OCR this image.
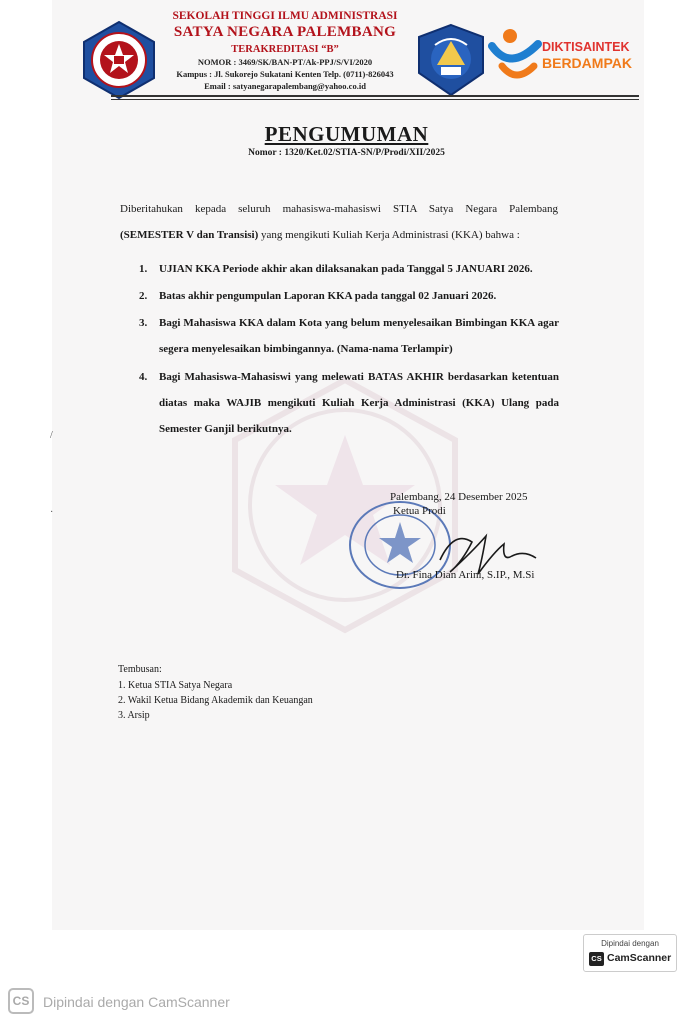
SEKOLAH TINGGI ILMU ADMINISTRASI
SATYA NEGARA PALEMBANG
TERAKREDITASI “B”
NOMOR : 3469/SK/BAN-PT/Ak-PPJ/S/VI/2020
Kampus : Jl. Sukorejo Sukatani Kenten Telp. (0711)-826043
Email : satyanegarapalembang@yahoo.co.id
DIKTISAINTEK
BERDAMPAK
PENGUMUMAN
Nomor : 1320/Ket.02/STIA-SN/P/Prodi/XII/2025
Diberitahukan kepada seluruh mahasiswa-mahasiswi STIA Satya Negara Palembang
(SEMESTER V dan Transisi) yang mengikuti Kuliah Kerja Administrasi (KKA) bahwa :
1.	UJIAN KKA Periode akhir akan dilaksanakan pada Tanggal 5 JANUARI 2026.
2.	Batas akhir pengumpulan Laporan KKA pada tanggal 02 Januari 2026.
3.	Bagi Mahasiswa KKA dalam Kota yang belum menyelesaikan Bimbingan KKA agar segera menyelesaikan bimbingannya. (Nama-nama Terlampir)
4.	Bagi Mahasiswa-Mahasiswi yang melewati BATAS AKHIR berdasarkan ketentuan diatas maka WAJIB mengikuti Kuliah Kerja Administrasi (KKA) Ulang pada Semester Ganjil berikutnya.
/
·
Palembang, 24 Desember 2025
Ketua Prodi
Dr. Fina Dian Arini, S.IP., M.Si
Tembusan:
1. Ketua STIA Satya Negara
2. Wakil Ketua Bidang Akademik dan Keuangan
3. Arsip
Dipindai dengan
CS CamScanner
CS Dipindai dengan CamScanner
